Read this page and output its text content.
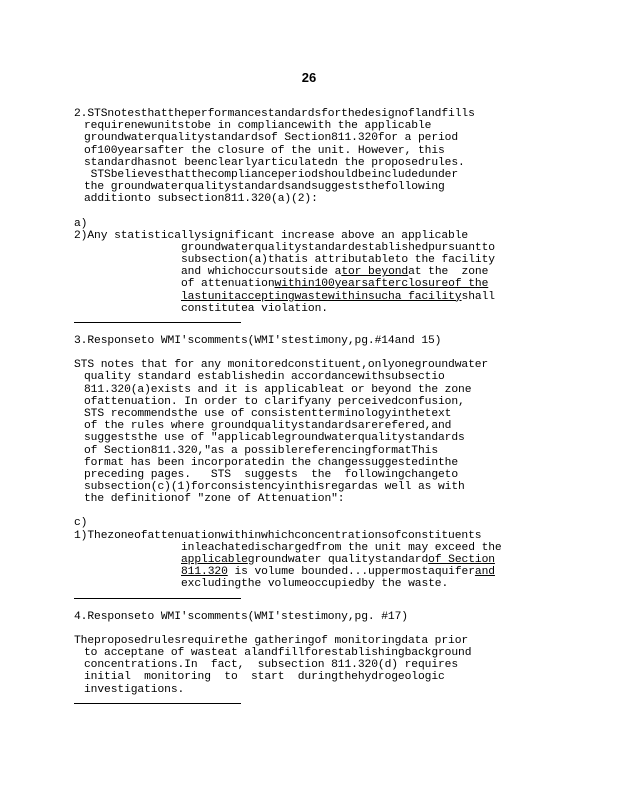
26
2.STSnotesthattheperformancestandardsforthedesignoflandfills
requirenewunitstobe in compliancewith the applicable
groundwaterqualitystandardsof Section811.320for a period
of100yearsafter the closure of the unit. However, this
standardhasnot beenclearlyarticulatedn the proposedrules.
STSbelievesthatthecomplianceperiodshouldbeincludedunder
the groundwaterqualitystandardsandsuggeststhefollowing
additionto subsection811.320(a)(2):
a)
2)Any statisticallysignificant increase above an applicable
groundwaterqualitystandardestablishedpursuantto
subsection(a)thatis attributableto the facility
and whichoccursoutside ator beyondat the  zone
of attenuationwithin100yearsafterclosureof the
lastunitacceptingwastewithinsucha facilityshall
constitutea violation.
3.Responseto WMI'scomments(WMI'stestimony,pg.#14and 15)
STS notes that for any monitoredconstituent,onlyonegroundwater
quality standard establishedin accordancewithsubsectio
811.320(a)exists and it is applicableat or beyond the zone
ofattenuation. In order to clarifyany perceivedconfusion,
STS recommendsthe use of consistentterminologyinthetext
of the rules where groundqualitystandardsarerefered,and
suggeststhe use of "applicablegroundwaterqualitystandards
of Section811.320,"as a possiblereferencingformatThis
format has been incorporatedin the changessuggestedinthe
preceding pages.   STS  suggests  the  followingchangeto
subsection(c)(1)forconsistencyinthisregardas well as with
the definitionof "zone of Attenuation":
c)
1)Thezoneofattenuationwithinwhichconcentrationsofconstituents
inleachatedischargedfrom the unit may exceed the
applicablegroundwater qualitystandardof Section
811.320 is volume bounded...uppermostaquiferand
excludingthe volumeoccupiedby the waste.
4.Responseto WMI'scomments(WMI'stestimony,pg. #17)
Theproposedrulesrequirethe gatheringof monitoringdata prior
to acceptane of wasteat alandfillforestablishingbackground
concentrations.In  fact,  subsection 811.320(d) requires
initial  monitoring  to  start  duringthehydrogeologic
investigations.
